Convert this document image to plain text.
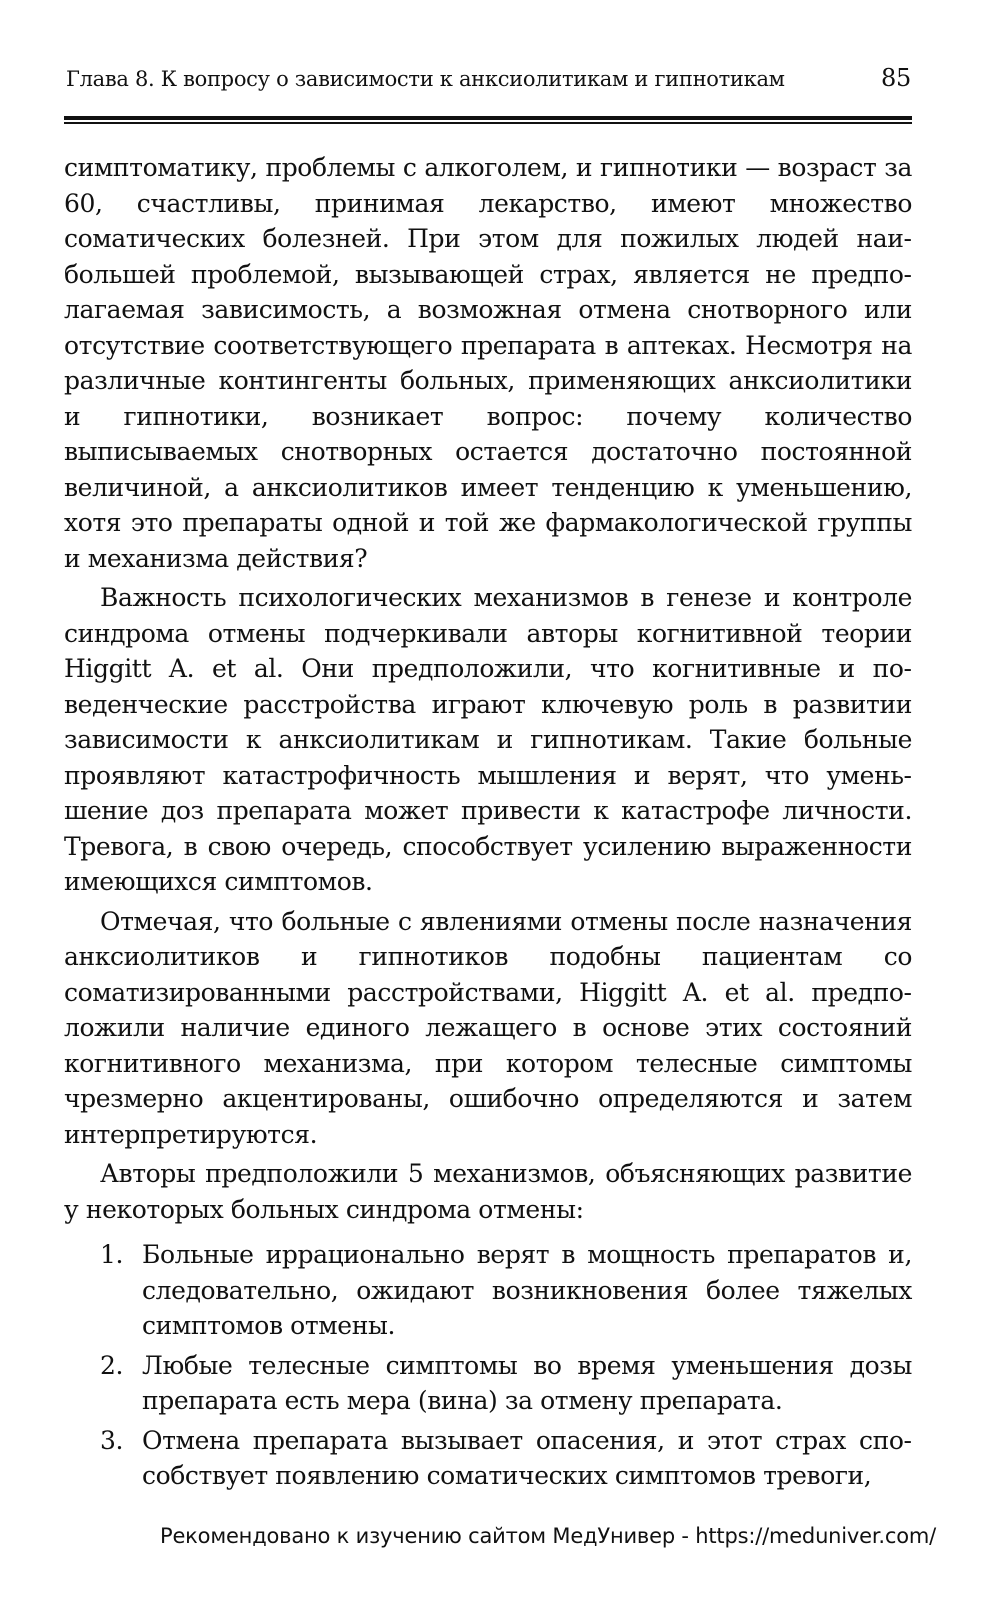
Глава 8. К вопросу о зависимости к анксиолитикам и гипнотикам	85

симптоматику, проблемы с алкоголем, и гипнотики — возраст за 60, счастливы, принимая лекарство, имеют множество соматических болезней. При этом для пожилых людей наибольшей проблемой, вызывающей страх, является не предполагаемая зависимость, а возможная отмена снотворного или отсутствие соответствующего препарата в аптеках. Несмотря на различные контингенты больных, применяющих анксиолитики и гипнотики, возникает вопрос: почему количество выписываемых снотворных остается достаточно постоянной величиной, а анксиолитиков имеет тенденцию к уменьшению, хотя это препараты одной и той же фармакологической группы и механизма действия?

Важность психологических механизмов в генезе и контроле синдрома отмены подчеркивали авторы когнитивной теории Higgitt A. et al. Они предположили, что когнитивные и поведенческие расстройства играют ключевую роль в развитии зависимости к анксиолитикам и гипнотикам. Такие больные проявляют катастрофичность мышления и верят, что уменьшение доз препарата может привести к катастрофе личности. Тревога, в свою очередь, способствует усилению выраженности имеющихся симптомов.

Отмечая, что больные с явлениями отмены после назначения анксиолитиков и гипнотиков подобны пациентам со соматизированными расстройствами, Higgitt A. et al. предположили наличие единого лежащего в основе этих состояний когнитивного механизма, при котором телесные симптомы чрезмерно акцентированы, ошибочно определяются и затем интерпретируются.

Авторы предположили 5 механизмов, объясняющих развитие у некоторых больных синдрома отмены:

1. Больные иррационально верят в мощность препаратов и, следовательно, ожидают возникновения более тяжелых симптомов отмены.
2. Любые телесные симптомы во время уменьшения дозы препарата есть мера (вина) за отмену препарата.
3. Отмена препарата вызывает опасения, и этот страх способствует появлению соматических симптомов тревоги,
Рекомендовано к изучению сайтом МедУнивер - https://meduniver.com/
